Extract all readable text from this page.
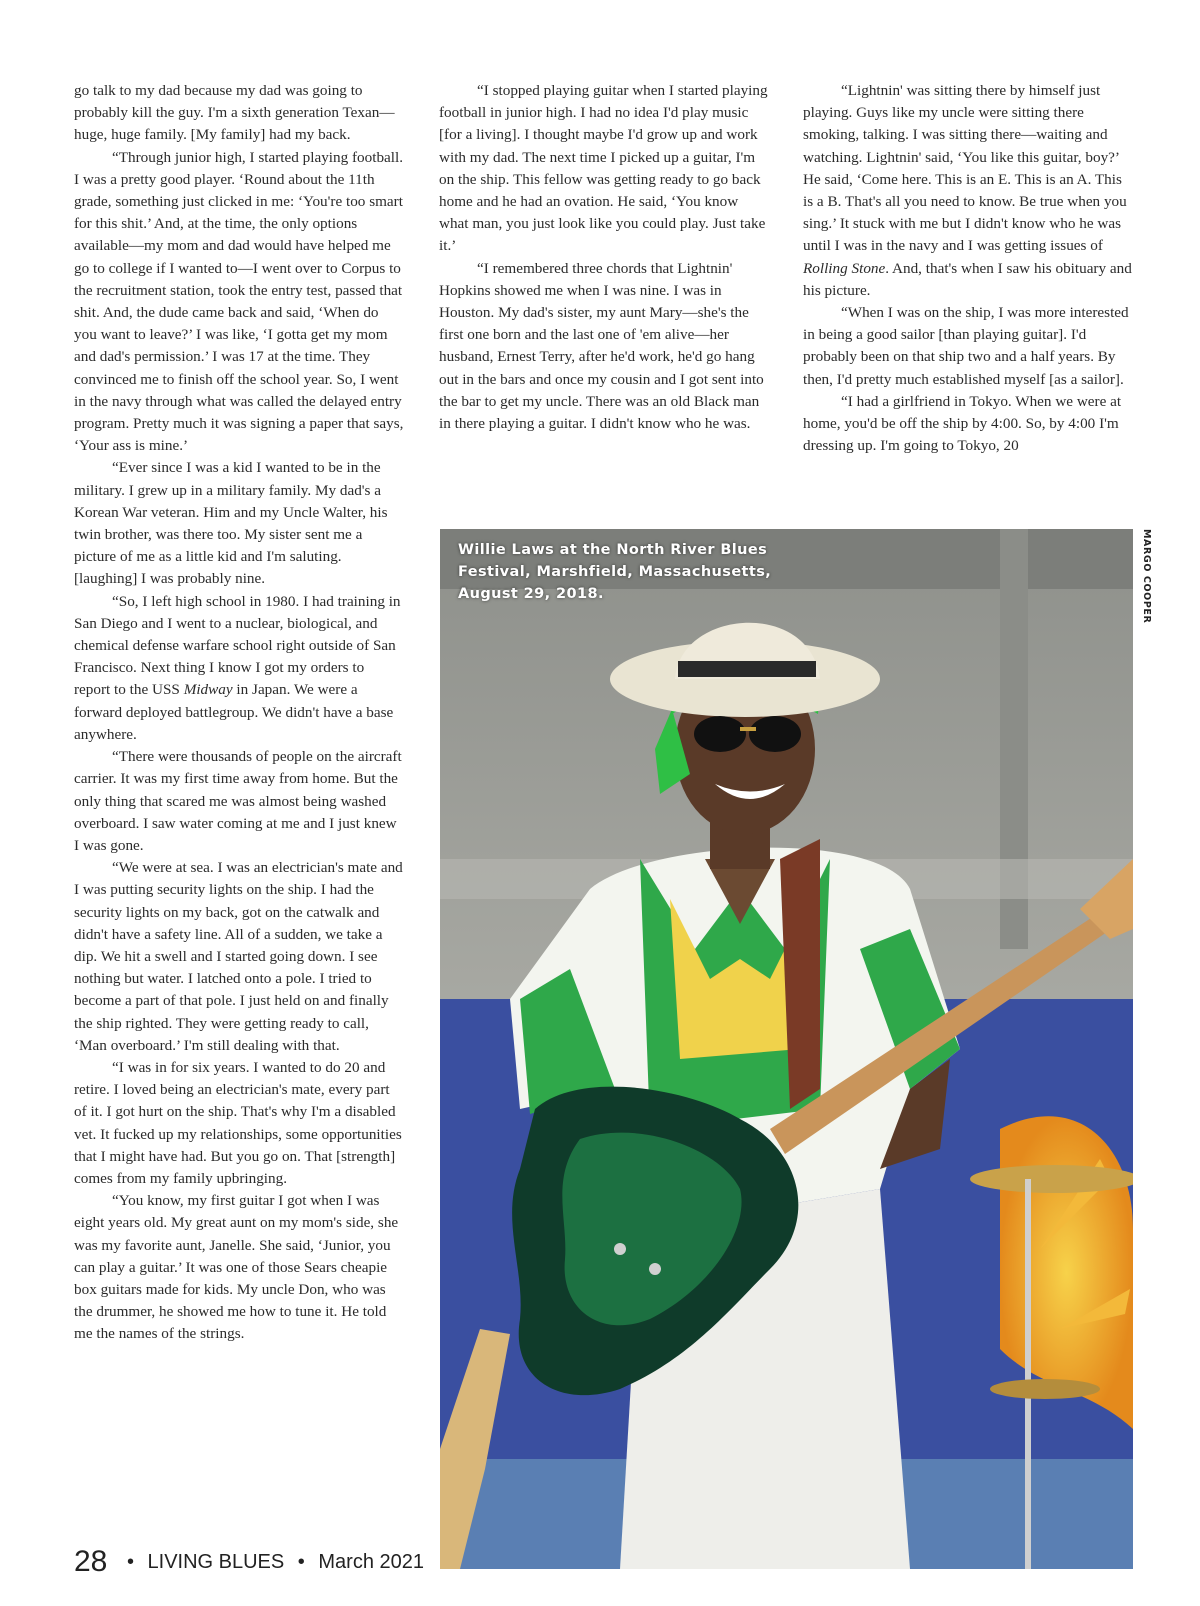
go talk to my dad because my dad was going to probably kill the guy. I'm a sixth generation Texan—huge, huge family. [My family] had my back.

“Through junior high, I started playing football. I was a pretty good player. ‘Round about the 11th grade, something just clicked in me: ‘You're too smart for this shit.’ And, at the time, the only options available—my mom and dad would have helped me go to college if I wanted to—I went over to Corpus to the recruitment station, took the entry test, passed that shit. And, the dude came back and said, ‘When do you want to leave?’ I was like, ‘I gotta get my mom and dad's permission.’ I was 17 at the time. They convinced me to finish off the school year. So, I went in the navy through what was called the delayed entry program. Pretty much it was signing a paper that says, ‘Your ass is mine.’

“Ever since I was a kid I wanted to be in the military. I grew up in a military family. My dad's a Korean War veteran. Him and my Uncle Walter, his twin brother, was there too. My sister sent me a picture of me as a little kid and I'm saluting. [laughing] I was probably nine.

“So, I left high school in 1980. I had training in San Diego and I went to a nuclear, biological, and chemical defense warfare school right outside of San Francisco. Next thing I know I got my orders to report to the USS Midway in Japan. We were a forward deployed battlegroup. We didn't have a base anywhere.

“There were thousands of people on the aircraft carrier. It was my first time away from home. But the only thing that scared me was almost being washed overboard. I saw water coming at me and I just knew I was gone.

“We were at sea. I was an electrician's mate and I was putting security lights on the ship. I had the security lights on my back, got on the catwalk and didn't have a safety line. All of a sudden, we take a dip. We hit a swell and I started going down. I see nothing but water. I latched onto a pole. I tried to become a part of that pole. I just held on and finally the ship righted. They were getting ready to call, ‘Man overboard.’ I'm still dealing with that.

“I was in for six years. I wanted to do 20 and retire. I loved being an electrician's mate, every part of it. I got hurt on the ship. That's why I'm a disabled vet. It fucked up my relationships, some opportunities that I might have had. But you go on. That [strength] comes from my family upbringing.

“You know, my first guitar I got when I was eight years old. My great aunt on my mom's side, she was my favorite aunt, Janelle. She said, ‘Junior, you can play a guitar.’ It was one of those Sears cheapie box guitars made for kids. My uncle Don, who was the drummer, he showed me how to tune it. He told me the names of the strings.

“I stopped playing guitar when I started playing football in junior high. I had no idea I'd play music [for a living]. I thought maybe I'd grow up and work with my dad. The next time I picked up a guitar, I'm on the ship. This fellow was getting ready to go back home and he had an ovation. He said, ‘You know what man, you just look like you could play. Just take it.’

“I remembered three chords that Lightnin' Hopkins showed me when I was nine. I was in Houston. My dad's sister, my aunt Mary—she's the first one born and the last one of 'em alive—her husband, Ernest Terry, after he'd work, he'd go hang out in the bars and once my cousin and I got sent into the bar to get my uncle. There was an old Black man in there playing a guitar. I didn't know who he was.

“Lightnin' was sitting there by himself just playing. Guys like my uncle were sitting there smoking, talking. I was sitting there—waiting and watching. Lightnin' said, ‘You like this guitar, boy?’ He said, ‘Come here. This is an E. This is an A. This is a B. That's all you need to know. Be true when you sing.’ It stuck with me but I didn't know who he was until I was in the navy and I was getting issues of Rolling Stone. And, that's when I saw his obituary and his picture.

“When I was on the ship, I was more interested in being a good sailor [than playing guitar]. I'd probably been on that ship two and a half years. By then, I'd pretty much established myself [as a sailor].

“I had a girlfriend in Tokyo. When we were at home, you'd be off the ship by 4:00. So, by 4:00 I'm dressing up. I'm going to Tokyo, 20

Willie Laws at the North River Blues Festival, Marshfield, Massachusetts, August 29, 2018.	MARGO COOPER
28 • LIVING BLUES • March 2021
